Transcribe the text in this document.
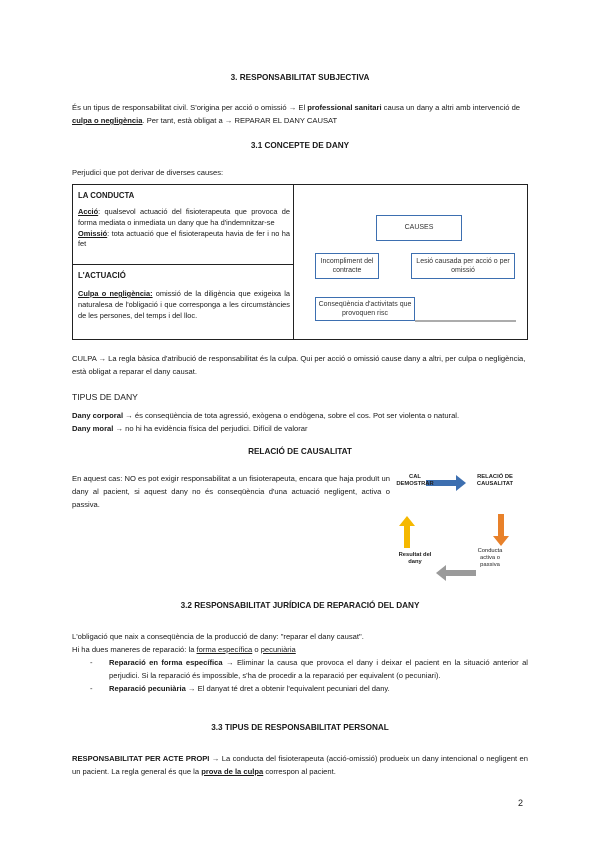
3. RESPONSABILITAT SUBJECTIVA
És un tipus de responsabilitat civil. S'origina per acció o omissió → El professional sanitari causa un dany a altri amb intervenció de culpa o negligència. Per tant, està obligat a → REPARAR EL DANY CAUSAT
3.1 CONCEPTE DE DANY
Perjudici que pot derivar de diverses causes:
LA CONDUCTA
Acció: qualsevol actuació del fisioterapeuta que provoca de forma mediata o inmediata un dany que ha d'indemnitzar-se
Omissió: tota actuació que el fisioterapeuta havia de fer i no ha fet
L'ACTUACIÓ
Culpa o negligència: omissió de la diligència que exigeixa la naturalesa de l'obligació i que corresponga a les circumstàncies de les persones, del temps i del lloc.
CAUSES
Incompliment del contracte
Lesió causada per acció o per omissió
Conseqüència d'activitats que provoquen risc
CULPA → La regla bàsica d'atribució de responsabilitat és la culpa. Qui per acció o omissió cause dany a altri, per culpa o negligència, està obligat a reparar el dany causat.
TIPUS DE DANY
Dany corporal → és conseqüència de tota agressió, exògena o endògena, sobre el cos. Pot ser violenta o natural.
Dany moral → no hi ha evidència física del perjudici. Difícil de valorar
RELACIÓ DE CAUSALITAT
En aquest cas: NO es pot exigir responsabilitat a un fisioterapeuta, encara que haja produït un dany al pacient, si aquest dany no és conseqüència d'una actuació negligent, activa o passiva.
CAL DEMOSTRAR
RELACIÓ DE CAUSALITAT
Conducta activa o passiva
Resultat del dany
3.2 RESPONSABILITAT JURÍDICA DE REPARACIÓ DEL DANY
L'obligació que naix a conseqüència de la producció de dany: "reparar el dany causat".
Hi ha dues maneres de reparació: la forma específica o pecuniària
- Reparació en forma específica → Eliminar la causa que provoca el dany i deixar el pacient en la situació anterior al perjudici. Si la reparació és impossible, s'ha de procedir a la reparació per equivalent (o pecuniari).
- Reparació pecuniària → El danyat té dret a obtenir l'equivalent pecuniari del dany.
3.3 TIPUS DE RESPONSABILITAT PERSONAL
RESPONSABILITAT PER ACTE PROPI → La conducta del fisioterapeuta (acció-omissió) produeix un dany intencional o negligent en un pacient. La regla general és que la prova de la culpa correspon al pacient.
2
